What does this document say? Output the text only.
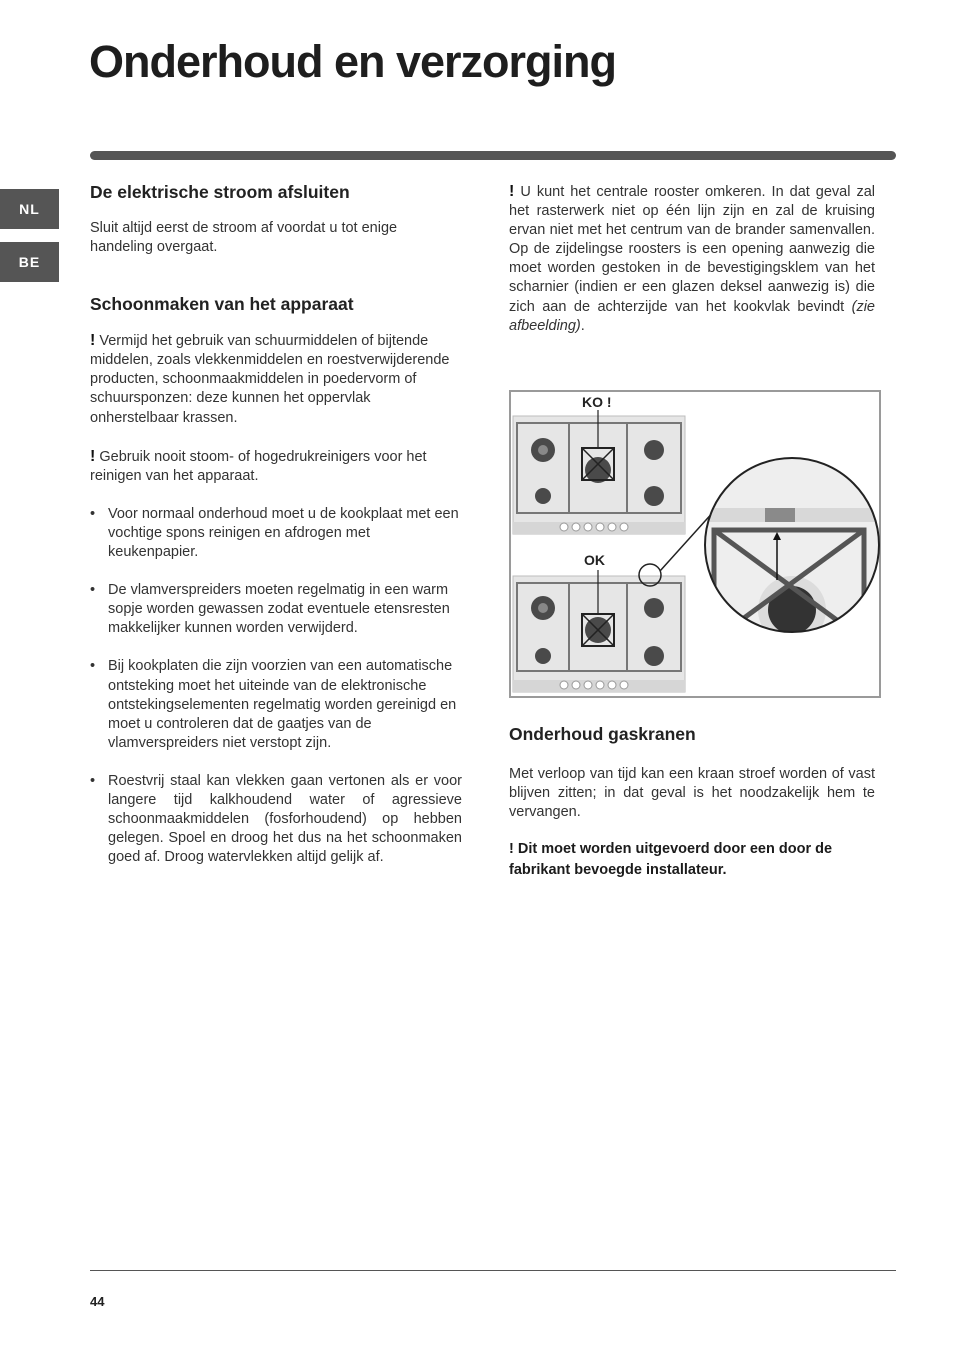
Onderhoud en verzorging
NL
BE
De elektrische stroom afsluiten

Sluit altijd eerst de stroom af voordat u tot enige handeling overgaat.

Schoonmaken van het apparaat

! Vermijd het gebruik van schuurmiddelen of bijtende middelen, zoals vlekkenmiddelen en roestverwijderende producten, schoonmaakmiddelen in poedervorm of schuursponzen: deze kunnen het oppervlak onherstelbaar krassen.

! Gebruik nooit stoom- of hogedrukreinigers voor het reinigen van het apparaat.

• Voor normaal onderhoud moet u de kookplaat met een vochtige spons reinigen en afdrogen met keukenpapier.
• De vlamverspreiders moeten regelmatig in een warm sopje worden gewassen zodat eventuele etensresten makkelijker kunnen worden verwijderd.
• Bij kookplaten die zijn voorzien van een automatische ontsteking moet het uiteinde van de elektronische ontstekingselementen regelmatig worden gereinigd en moet u controleren dat de gaatjes van de vlamverspreiders niet verstopt zijn.
• Roestvrij staal kan vlekken gaan vertonen als er voor langere tijd kalkhoudend water of agressieve schoonmaakmiddelen (fosforhoudend) op hebben gelegen. Spoel en droog het dus na het schoonmaken goed af. Droog watervlekken altijd gelijk af.

! U kunt het centrale rooster omkeren. In dat geval zal het rasterwerk niet op één lijn zijn en zal de kruising ervan niet met het centrum van de brander samenvallen. Op de zijdelingse roosters is een opening aanwezig die moet worden gestoken in de bevestigingsklem van het scharnier (indien er een glazen deksel aanwezig is) die zich aan de achterzijde van het kookvlak bevindt (zie afbeelding).

KO !
OK
Onderhoud gaskranen

Met verloop van tijd kan een kraan stroef worden of vast blijven zitten; in dat geval is het noodzakelijk hem te vervangen.

! Dit moet worden uitgevoerd door een door de fabrikant bevoegde installateur.

44
